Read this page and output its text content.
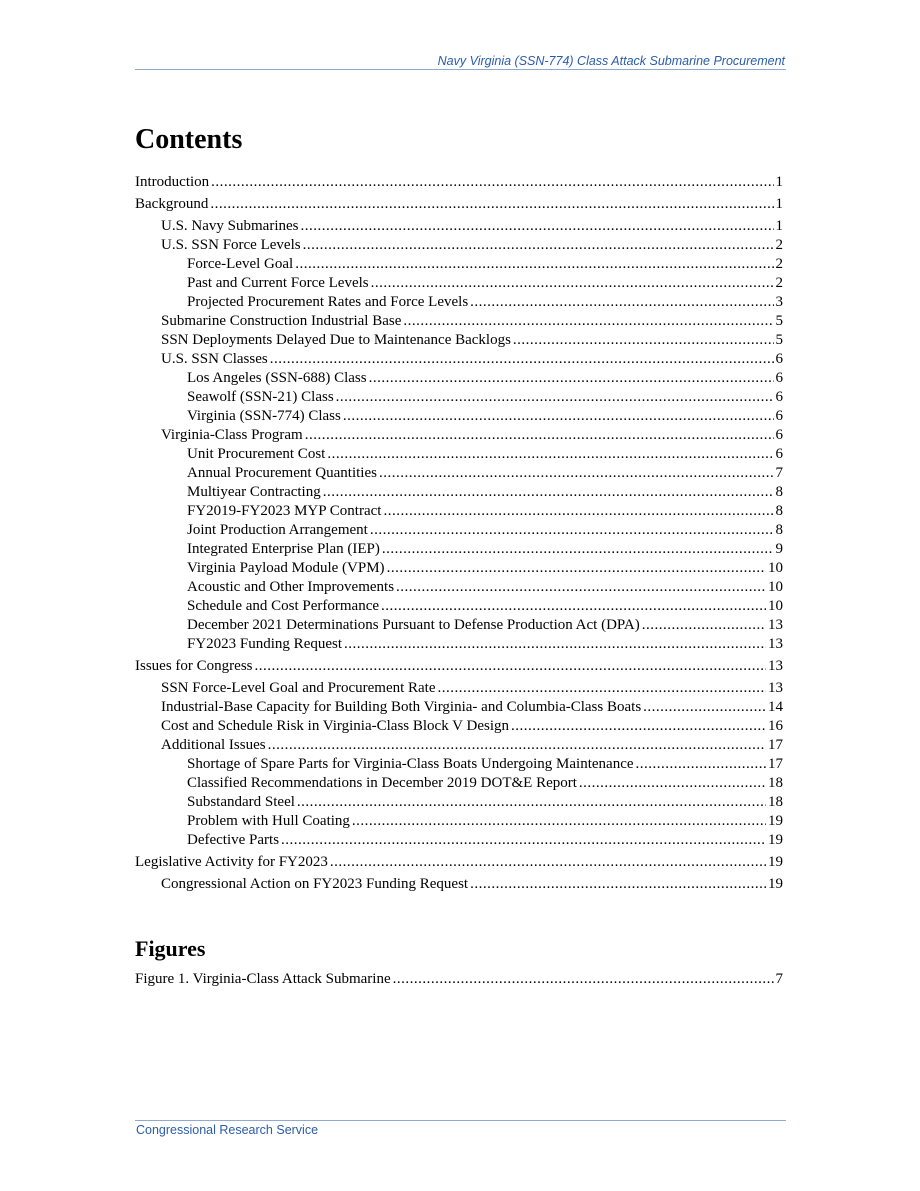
Navy Virginia (SSN-774) Class Attack Submarine Procurement
Contents
Introduction .....	1
Background .....	1
U.S. Navy Submarines .....	1
U.S. SSN Force Levels .....	2
Force-Level Goal .....	2
Past and Current Force Levels .....	2
Projected Procurement Rates and Force Levels .....	3
Submarine Construction Industrial Base .....	5
SSN Deployments Delayed Due to Maintenance Backlogs .....	5
U.S. SSN Classes .....	6
Los Angeles (SSN-688) Class .....	6
Seawolf (SSN-21) Class .....	6
Virginia (SSN-774) Class .....	6
Virginia-Class Program .....	6
Unit Procurement Cost .....	6
Annual Procurement Quantities .....	7
Multiyear Contracting .....	8
FY2019-FY2023 MYP Contract .....	8
Joint Production Arrangement .....	8
Integrated Enterprise Plan (IEP) .....	9
Virginia Payload Module (VPM) .....	10
Acoustic and Other Improvements .....	10
Schedule and Cost Performance .....	10
December 2021 Determinations Pursuant to Defense Production Act (DPA) .....	13
FY2023 Funding Request .....	13
Issues for Congress .....	13
SSN Force-Level Goal and Procurement Rate .....	13
Industrial-Base Capacity for Building Both Virginia- and Columbia-Class Boats .....	14
Cost and Schedule Risk in Virginia-Class Block V Design .....	16
Additional Issues .....	17
Shortage of Spare Parts for Virginia-Class Boats Undergoing Maintenance .....	17
Classified Recommendations in December 2019 DOT&E Report .....	18
Substandard Steel .....	18
Problem with Hull Coating .....	19
Defective Parts .....	19
Legislative Activity for FY2023 .....	19
Congressional Action on FY2023 Funding Request .....	19
Figures
Figure 1. Virginia-Class Attack Submarine .....	7
Congressional Research Service
